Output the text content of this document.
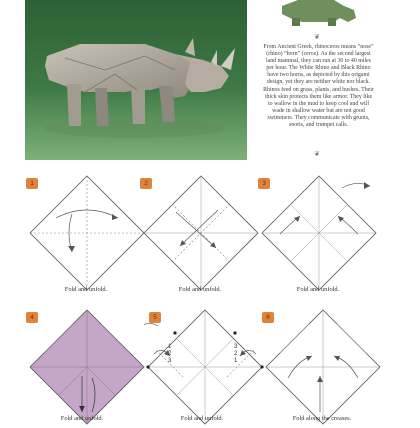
❦

From Ancient Greek, rhinoceros means “nose” (rhino) “horn” (ceros). As the second largest land mammal, they can run at 30 to 40 miles per hour. The White Rhino and Black Rhino have two horns, as depicted by this origami design, yet they are neither white nor black. Rhinos feed on grass, plants, and bushes. Their thick skin protects them like armor. They like to wallow in the mud to keep cool and will wade in shallow water but are not good swimmers. They communicate with grunts, snorts, and trumpet calls.

❦
1
Fold and unfold.
2
Fold and unfold.
3
Fold and unfold.
4
Fold and unfold.
1
2
3
3
2
1
5
Fold and unfold.
6
Fold along the creases.
